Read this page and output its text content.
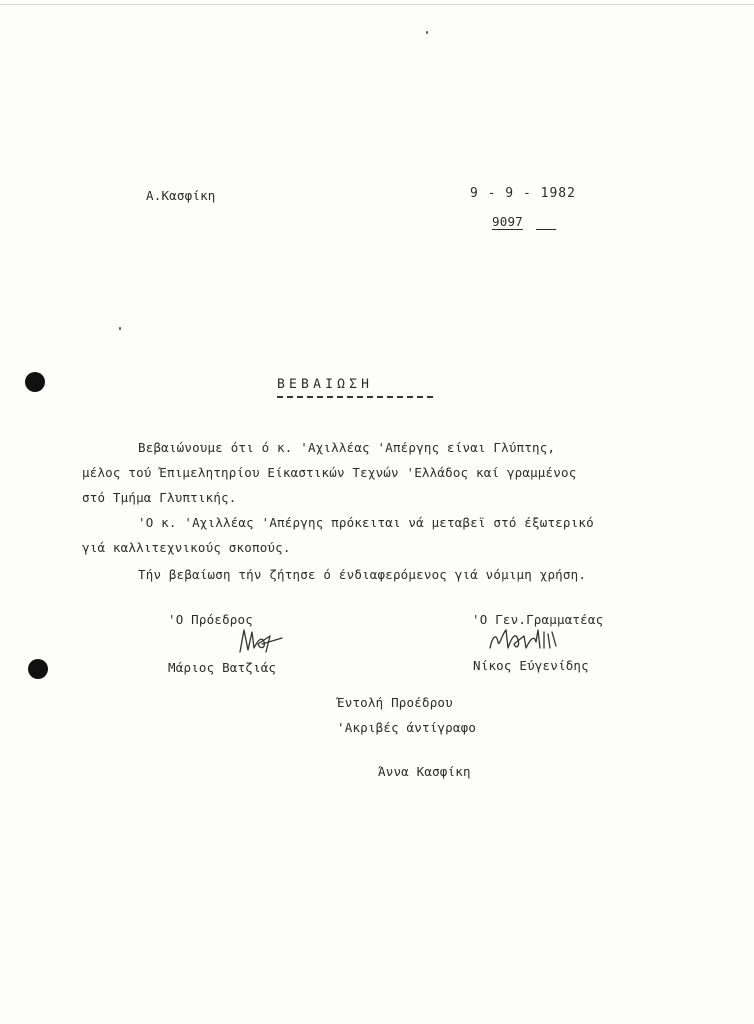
Α.Κασφίκη	9 - 9 - 1982
9097
ΒΕΒΑΙΩΣΗ
Βεβαιώνουμε ότι ό κ. 'Αχιλλέας 'Απέργης είναι Γλύπτης,
μέλος τού Έπιμελητηρίου Είκαστικών Τεχνών 'Ελλάδος καί γραμμένος
στό Τμήμα Γλυπτικής.
'Ο κ. 'Αχιλλέας 'Απέργης πρόκειται νά μεταβεϊ στό έξωτερικό
γιά καλλιτεχνικούς σκοπούς.
Τήν βεβαίωση τήν ζήτησε ό ένδιαφερόμενος γιά νόμιμη χρήση.
'Ο Πρόεδρος
Μάριος Βατζιάς
'Ο Γεν.Γραμματέας
Νίκος Εύγενίδης
Έντολή Προέδρου
'Ακριβές άντίγραφο
Άννα Κασφίκη
